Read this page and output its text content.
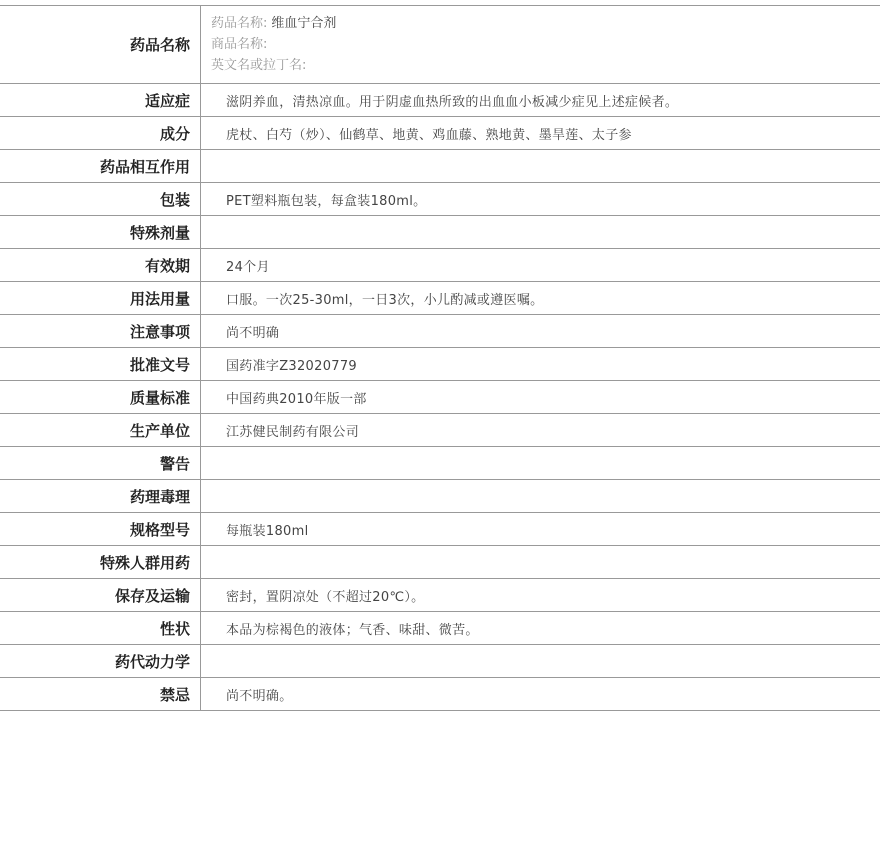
药品名称
药品名称: 维血宁合剂
商品名称:
英文名或拉丁名:
适应症	滋阴养血，清热凉血。用于阴虚血热所致的出血血小板减少症见上述症候者。
成分	虎杖、白芍（炒）、仙鹤草、地黄、鸡血藤、熟地黄、墨旱莲、太子参
药品相互作用
包装	PET塑料瓶包装，每盒装180ml。
特殊剂量
有效期	24个月
用法用量	口服。一次25-30ml，一日3次，小儿酌减或遵医嘱。
注意事项	尚不明确
批准文号	国药准字Z32020779
质量标准	中国药典2010年版一部
生产单位	江苏健民制药有限公司
警告
药理毒理
规格型号	每瓶装180ml
特殊人群用药
保存及运输	密封，置阴凉处（不超过20℃）。
性状	本品为棕褐色的液体；气香、味甜、微苦。
药代动力学
禁忌	尚不明确。
